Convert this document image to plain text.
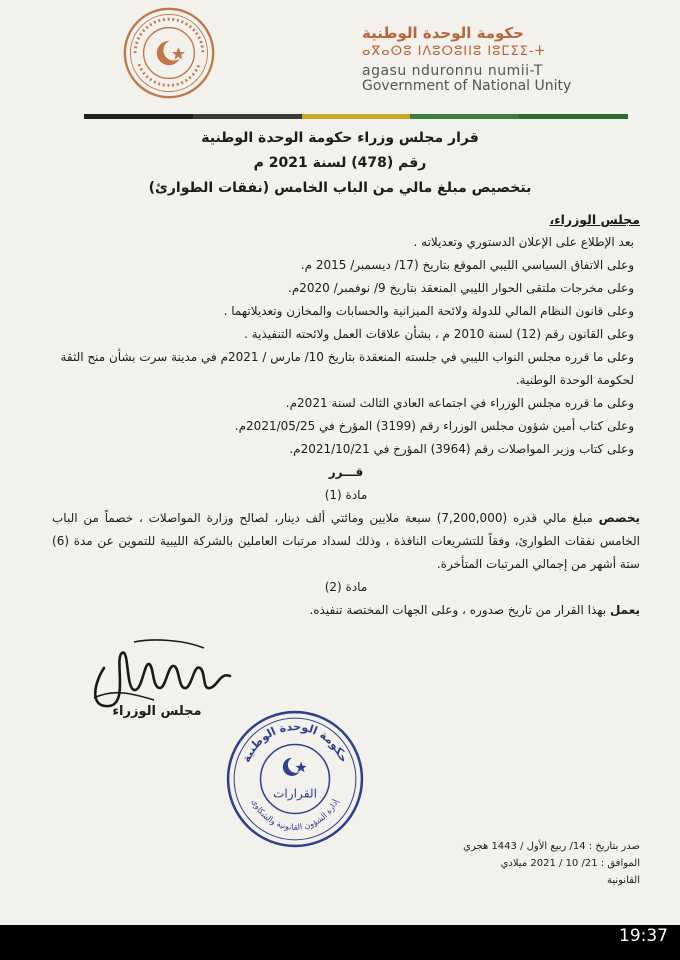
حكومة الوحدة الوطنية
ⴰⴳⴰⵙⵓ ⵏⴷⵓⵔⵓⵏⵏⵓ ⵏⵓⵎⵉⵉ-ⵜ
agasu nduronnu numii-T
Government of National Unity
قرار مجلس وزراء حكومة الوحدة الوطنية
رقم (478) لسنة 2021 م
بتخصيص مبلغ مالي من الباب الخامس (نفقات الطوارئ)
مجلس الوزراء،
بعد الإطلاع على الإعلان الدستوري وتعديلاته .
وعلى الاتفاق السياسي الليبي الموقع بتاريخ (17/ ديسمبر/ 2015 م.
وعلى مخرجات ملتقى الحوار الليبي المنعقد بتاريخ 9/ نوفمبر/ 2020م.
وعلى قانون النظام المالي للدولة ولائحة الميزانية والحسابات والمخازن وتعديلاتهما .
وعلى القانون رقم (12) لسنة 2010 م ، بشأن علاقات العمل ولائحته التنفيذية .
وعلى ما قرره مجلس النواب الليبي في جلسته المنعقدة بتاريخ 10/ مارس / 2021م في مدينة سرت بشأن منح الثقة لحكومة الوحدة الوطنية.
وعلى ما قرره مجلس الوزراء في اجتماعه العادي الثالث لسنة 2021م.
وعلى كتاب أمين شؤون مجلس الوزراء رقم (3199) المؤرخ في 2021/05/25م.
وعلى كتاب وزير المواصلات رقم (3964) المؤرخ في 2021/10/21م.

قـــرر

مادة (1)

يخصص مبلغ مالي قدره (7,200,000) سبعة ملايين ومائتي ألف دينار، لصالح وزارة المواصلات ، خصماً من الباب الخامس نفقات الطوارئ، وفقاً للتشريعات النافذة ، وذلك لسداد مرتبات العاملين بالشركة الليبية للتموين عن مدة (6) ستة أشهر من إجمالي المرتبات المتأخرة.

مادة (2)

يعمل بهذا القرار من تاريخ صدوره ، وعلى الجهات المختصة تنفيذه.
مجلس الوزراء
حكومة الوحدة الوطنية
إدارة الشؤون القانونية والشكاوى
القرارات
صدر بتاريخ : 14/ ربيع الأول / 1443 هجري
الموافق : 21/ 10 / 2021 ميلادي
القانونية
19:37
